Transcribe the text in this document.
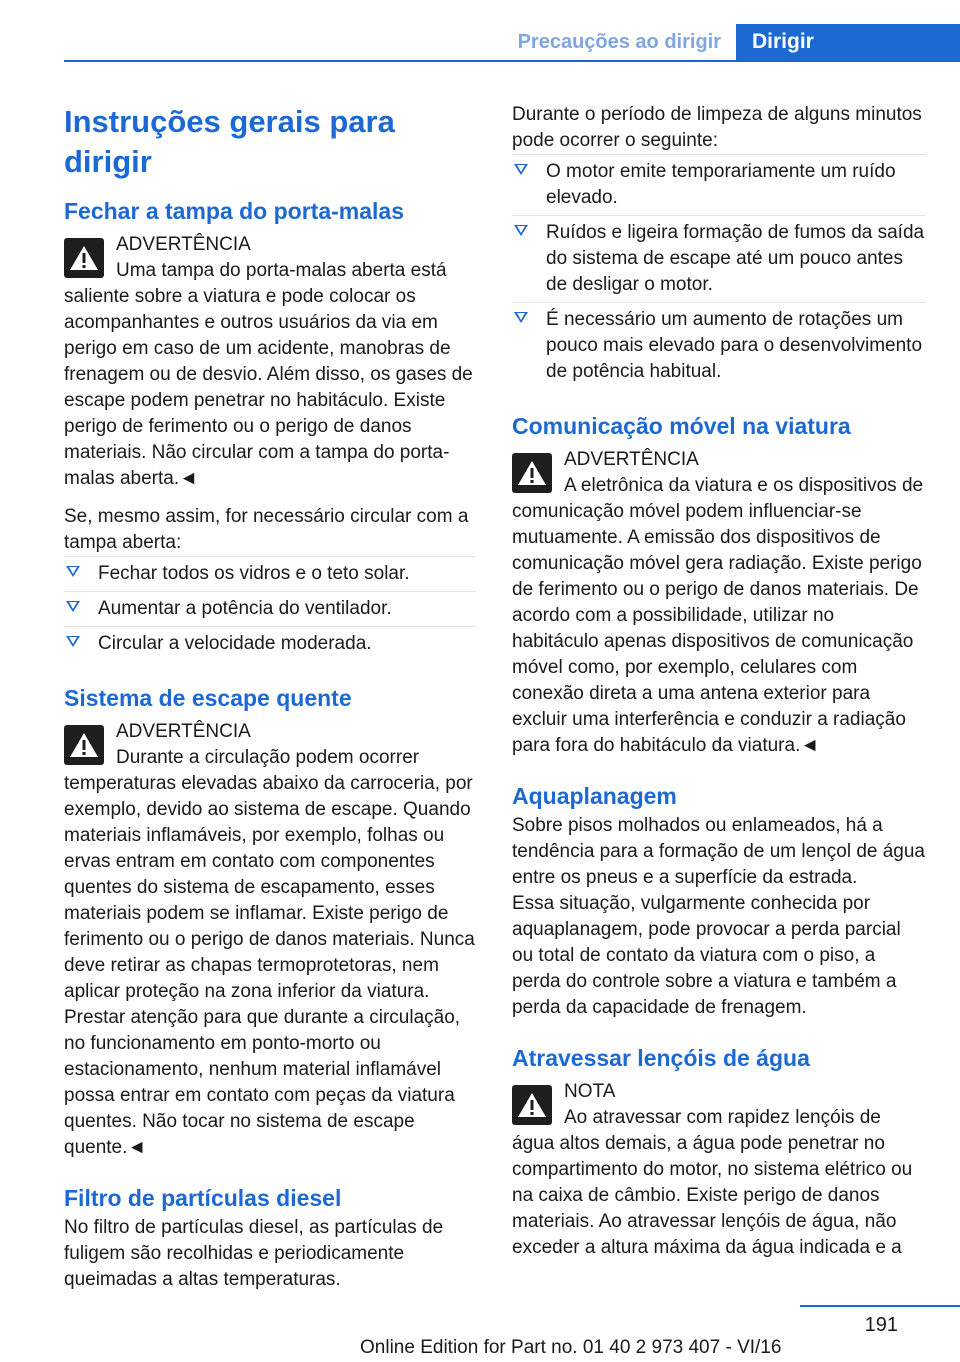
Precauções ao dirigir	Dirigir
Instruções gerais para dirigir
Fechar a tampa do porta-malas
ADVERTÊNCIA
Uma tampa do porta-malas aberta está saliente sobre a viatura e pode colocar os acompanhantes e outros usuários da via em perigo em caso de um acidente, manobras de frenagem ou de desvio. Além disso, os gases de escape podem penetrar no habitáculo. Existe perigo de ferimento ou o perigo de danos materiais. Não circular com a tampa do porta-malas aberta.◄

Se, mesmo assim, for necessário circular com a tampa aberta:

Fechar todos os vidros e o teto solar.
Aumentar a potência do ventilador.
Circular a velocidade moderada.
Sistema de escape quente
ADVERTÊNCIA
Durante a circulação podem ocorrer temperaturas elevadas abaixo da carroceria, por exemplo, devido ao sistema de escape. Quando materiais inflamáveis, por exemplo, folhas ou ervas entram em contato com componentes quentes do sistema de escapamento, esses materiais podem se inflamar. Existe perigo de ferimento ou o perigo de danos materiais. Nunca deve retirar as chapas termoprotetoras, nem aplicar proteção na zona inferior da viatura. Prestar atenção para que durante a circulação, no funcionamento em ponto-morto ou estacionamento, nenhum material inflamável possa entrar em contato com peças da viatura quentes. Não tocar no sistema de escape quente.◄
Filtro de partículas diesel

No filtro de partículas diesel, as partículas de fuligem são recolhidas e periodicamente queimadas a altas temperaturas.

Durante o período de limpeza de alguns minutos pode ocorrer o seguinte:

O motor emite temporariamente um ruído elevado.
Ruídos e ligeira formação de fumos da saída do sistema de escape até um pouco antes de desligar o motor.
É necessário um aumento de rotações um pouco mais elevado para o desenvolvimento de potência habitual.
Comunicação móvel na viatura
ADVERTÊNCIA
A eletrônica da viatura e os dispositivos de comunicação móvel podem influenciar-se mutuamente. A emissão dos dispositivos de comunicação móvel gera radiação. Existe perigo de ferimento ou o perigo de danos materiais. De acordo com a possibilidade, utilizar no habitáculo apenas dispositivos de comunicação móvel como, por exemplo, celulares com conexão direta a uma antena exterior para excluir uma interferência e conduzir a radiação para fora do habitáculo da viatura.◄
Aquaplanagem

Sobre pisos molhados ou enlameados, há a tendência para a formação de um lençol de água entre os pneus e a superfície da estrada.

Essa situação, vulgarmente conhecida por aquaplanagem, pode provocar a perda parcial ou total de contato da viatura com o piso, a perda do controle sobre a viatura e também a perda da capacidade de frenagem.

Atravessar lençóis de água
NOTA
Ao atravessar com rapidez lençóis de água altos demais, a água pode penetrar no compartimento do motor, no sistema elétrico ou na caixa de câmbio. Existe perigo de danos materiais. Ao atravessar lençóis de água, não exceder a altura máxima da água indicada e a
191
Online Edition for Part no. 01 40 2 973 407 - VI/16
